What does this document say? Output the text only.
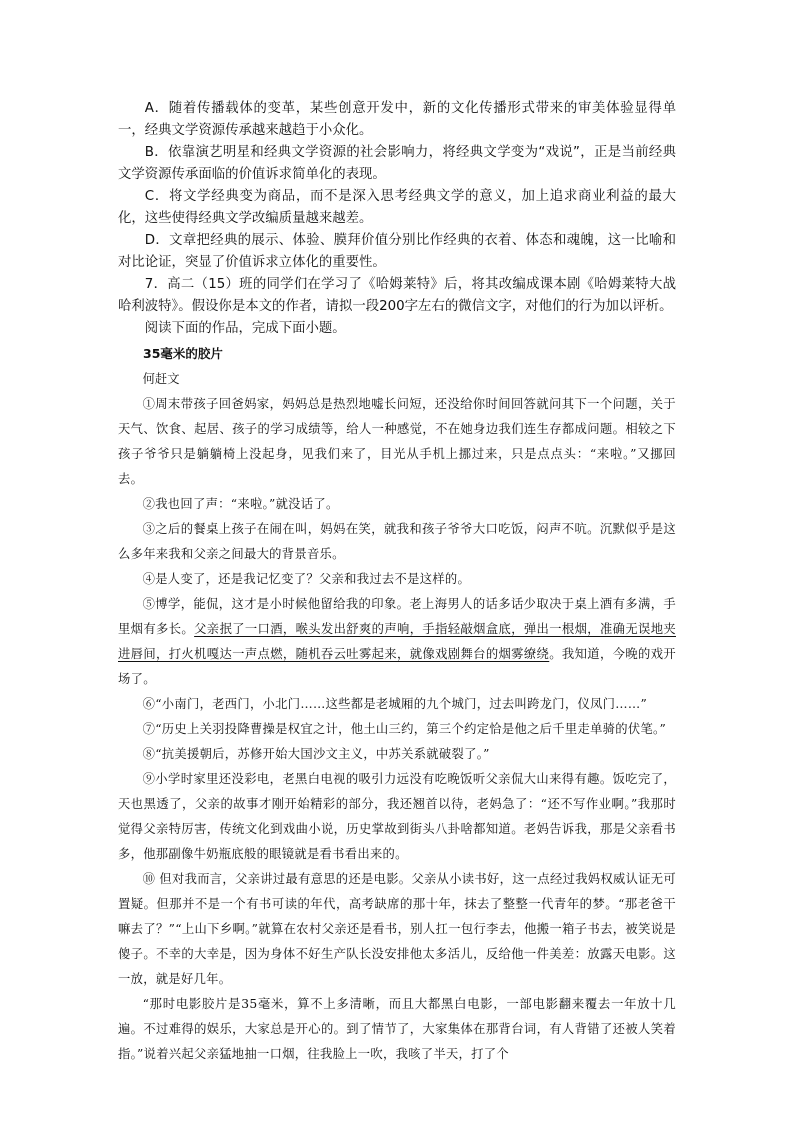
A．随着传播载体的变革，某些创意开发中，新的文化传播形式带来的审美体验显得单一，经典文学资源传承越来越趋于小众化。

B．依靠演艺明星和经典文学资源的社会影响力，将经典文学变为“戏说”，正是当前经典文学资源传承面临的价值诉求简单化的表现。

C．将文学经典变为商品，而不是深入思考经典文学的意义，加上追求商业利益的最大化，这些使得经典文学改编质量越来越差。

D．文章把经典的展示、体验、膜拜价值分别比作经典的衣着、体态和魂魄，这一比喻和对比论证，突显了价值诉求立体化的重要性。

7．高二（15）班的同学们在学习了《哈姆莱特》后，将其改编成课本剧《哈姆莱特大战哈利波特》。假设你是本文的作者，请拟一段200字左右的微信文字，对他们的行为加以评析。

阅读下面的作品，完成下面小题。

35毫米的胶片

何赶文

①周末带孩子回爸妈家，妈妈总是热烈地嘘长问短，还没给你时间回答就问其下一个问题，关于天气、饮食、起居、孩子的学习成绩等，给人一种感觉，不在她身边我们连生存都成问题。相较之下孩子爷爷只是躺躺椅上没起身，见我们来了，目光从手机上挪过来，只是点点头：“来啦。”又挪回去。

②我也回了声：“来啦。”就没话了。

③之后的餐桌上孩子在闹在叫，妈妈在笑，就我和孩子爷爷大口吃饭，闷声不吭。沉默似乎是这么多年来我和父亲之间最大的背景音乐。

④是人变了，还是我记忆变了？父亲和我过去不是这样的。

⑤博学，能侃，这才是小时候他留给我的印象。老上海男人的话多话少取决于桌上酒有多满，手里烟有多长。父亲抿了一口酒，喉头发出舒爽的声响，手指轻敲烟盒底，弹出一根烟，准确无误地夹进唇间，打火机嘎达一声点燃，随机吞云吐雾起来，就像戏剧舞台的烟雾缭绕。我知道，今晚的戏开场了。

⑥“小南门，老西门，小北门……这些都是老城厢的九个城门，过去叫跨龙门，仪凤门……”

⑦“历史上关羽投降曹操是权宜之计，他土山三约，第三个约定恰是他之后千里走单骑的伏笔。”

⑧“抗美援朝后，苏修开始大国沙文主义，中苏关系就破裂了。”

⑨小学时家里还没彩电，老黑白电视的吸引力远没有吃晚饭听父亲侃大山来得有趣。饭吃完了，天也黑透了，父亲的故事才刚开始精彩的部分，我还翘首以待，老妈急了：“还不写作业啊。”我那时觉得父亲特厉害，传统文化到戏曲小说，历史掌故到街头八卦啥都知道。老妈告诉我，那是父亲看书多，他那副像牛奶瓶底般的眼镜就是看书看出来的。

⑩ 但对我而言，父亲讲过最有意思的还是电影。父亲从小读书好，这一点经过我妈权威认证无可置疑。但那并不是一个有书可读的年代，高考缺席的那十年，抹去了整整一代青年的梦。“那老爸干嘛去了？”“上山下乡啊。”就算在农村父亲还是看书，别人扛一包行李去，他搬一箱子书去，被笑说是傻子。不幸的大幸是，因为身体不好生产队长没安排他太多活儿，反给他一件美差：放露天电影。这一放，就是好几年。

“那时电影胶片是35毫米，算不上多清晰，而且大都黑白电影，一部电影翻来覆去一年放十几遍。不过难得的娱乐，大家总是开心的。到了情节了，大家集体在那背台词，有人背错了还被人笑着指。”说着兴起父亲猛地抽一口烟，往我脸上一吹，我咳了半天，打了个
